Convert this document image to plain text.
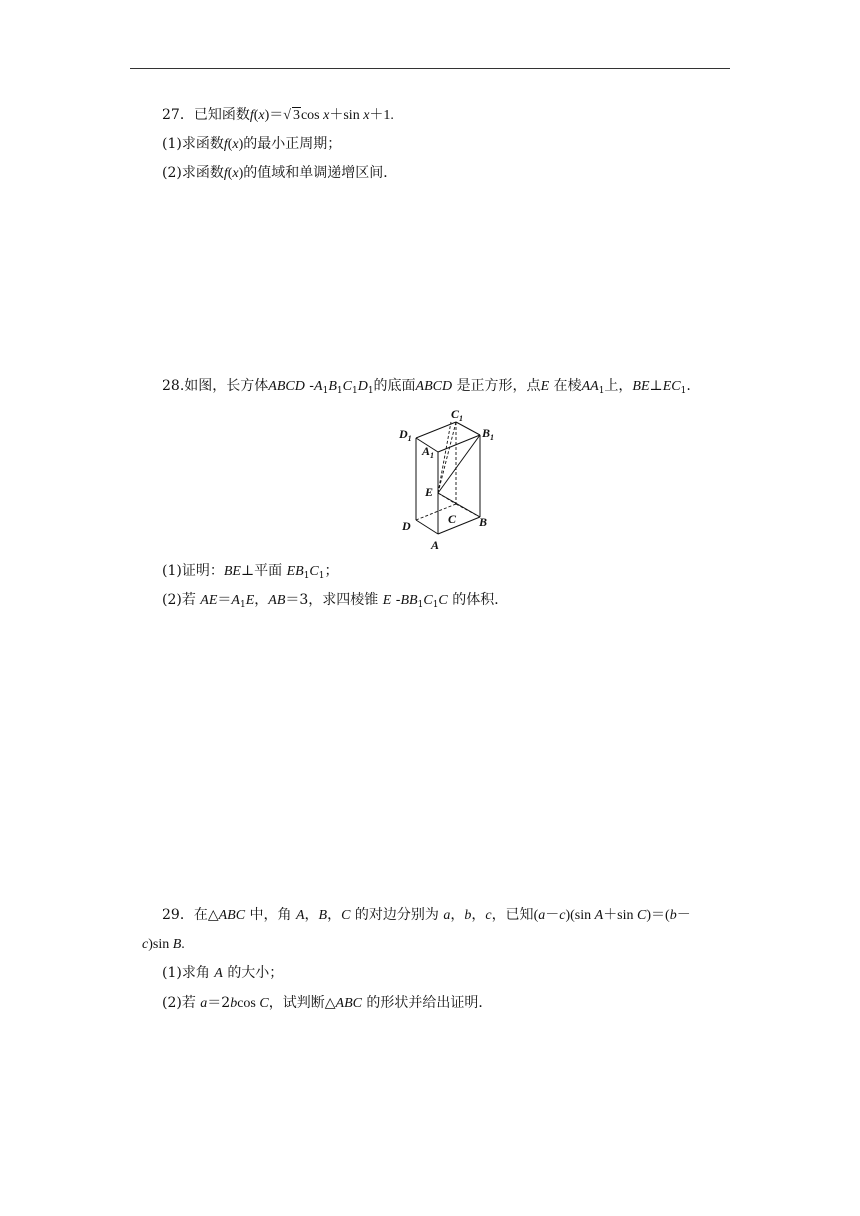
27．已知函数f(x)＝√ 3cos x＋sin x＋1.
(1)求函数f(x)的最小正周期；
(2)求函数f(x)的值域和单调递增区间．
28.如图，长方体ABCD $-A_1B_1C_1D_1$的底面ABCD 是正方形，点E 在棱$AA_1$上，$BE\perp EC_1$.
$C_1$
$B_1$
$D_1$
$A_1$
E
D	C B
A
(1)证明：BE⊥平面 $EB_1C_1$；
(2)若 $AE=A_1E$，AB＝3，求四棱锥 E $-BB_1C_1C$ 的体积．
29．在△ABC 中，角 A，B，C 的对边分别为 a，b，c，已知(a－c)(sin A＋sin C)＝(b－
c)sin B.
(1)求角 A 的大小；
(2)若 a＝2bcos C，试判断△ABC 的形状并给出证明．
